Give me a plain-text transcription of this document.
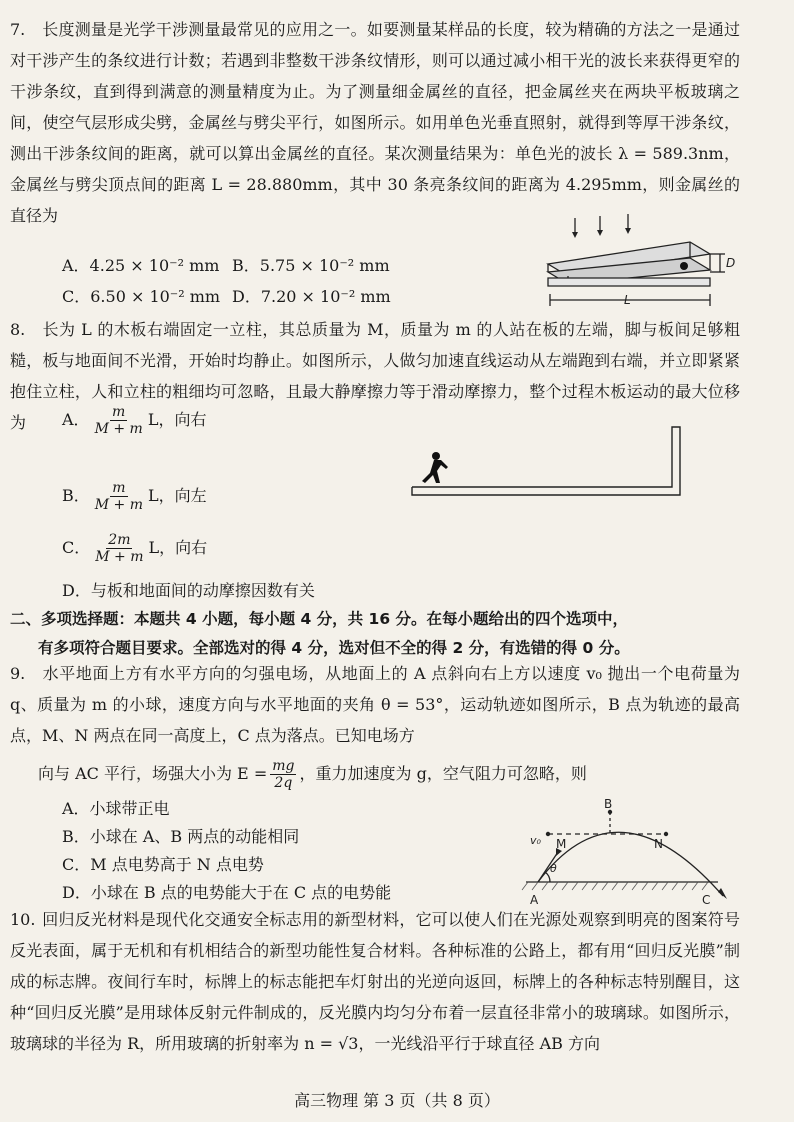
7. 长度测量是光学干涉测量最常见的应用之一。如要测量某样品的长度，较为精确的方法之一是通过对干涉产生的条纹进行计数；若遇到非整数干涉条纹情形，则可以通过减小相干光的波长来获得更窄的干涉条纹，直到得到满意的测量精度为止。为了测量细金属丝的直径，把金属丝夹在两块平板玻璃之间，使空气层形成尖劈，金属丝与劈尖平行，如图所示。如用单色光垂直照射，就得到等厚干涉条纹，测出干涉条纹间的距离，就可以算出金属丝的直径。某次测量结果为：单色光的波长 λ = 589.3nm，金属丝与劈尖顶点间的距离 L = 28.880mm，其中 30 条亮条纹间的距离为 4.295mm，则金属丝的直径为
A．4.25 × 10⁻² mm B．5.75 × 10⁻² mm
C．6.50 × 10⁻² mm D．7.20 × 10⁻² mm
D
L
8. 长为 L 的木板右端固定一立柱，其总质量为 M，质量为 m 的人站在板的左端，脚与板间足够粗糙，板与地面间不光滑，开始时均静止。如图所示，人做匀加速直线运动从左端跑到右端，并立即紧紧抱住立柱，人和立柱的粗细均可忽略，且最大静摩擦力等于滑动摩擦力，整个过程木板运动的最大位移为	A． $\frac{m}{M + m}$ L，向右
B． $\frac{m}{M + m}$ L，向左
C． $\frac{2m}{M + m}$ L，向右
D．与板和地面间的动摩擦因数有关
二、多项选择题：本题共 4 小题，每小题 4 分，共 16 分。在每小题给出的四个选项中，
有多项符合题目要求。全部选对的得 4 分，选对但不全的得 2 分，有选错的得 0 分。
9. 水平地面上方有水平方向的匀强电场，从地面上的 A 点斜向右上方以速度 v₀ 抛出一个电荷量为 q、质量为 m 的小球，速度方向与水平地面的夹角 θ = 53°，运动轨迹如图所示，B 点为轨迹的最高点，M、N 两点在同一高度上，C 点为落点。已知电场方
向与 AC 平行，场强大小为 $E = \frac{mg}{2q}$ ，重力加速度为 g，空气阻力可忽略，则
A．小球带正电
B．小球在 A、B 两点的动能相同
C．M 点电势高于 N 点电势
D．小球在 B 点的电势能大于在 C 点的电势能
B
M	N
A	C
v₀
θ
10. 回归反光材料是现代化交通安全标志用的新型材料，它可以使人们在光源处观察到明亮的图案符号反光表面，属于无机和有机相结合的新型功能性复合材料。各种标准的公路上，都有用“回归反光膜”制成的标志牌。夜间行车时，标牌上的标志能把车灯射出的光逆向返回，标牌上的各种标志特别醒目，这种“回归反光膜”是用球体反射元件制成的，反光膜内均匀分布着一层直径非常小的玻璃球。如图所示，玻璃球的半径为 R，所用玻璃的折射率为 n = √3，一光线沿平行于球直径 AB 方向
高三物理 第 3 页（共 8 页）
